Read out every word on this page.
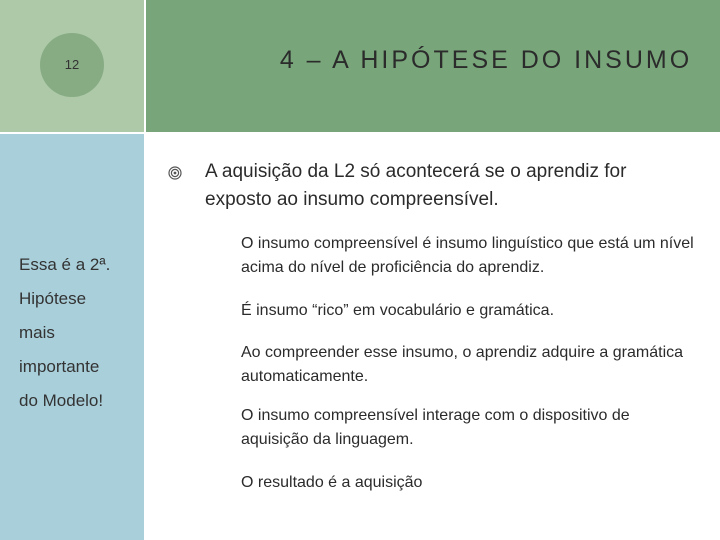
12	4 – A HIPÓTESE DO INSUMO
Essa é a 2ª.
Hipótese
mais
importante
do Modelo!
A aquisição da L2 só acontecerá se o aprendiz for exposto ao insumo compreensível.
O insumo compreensível é insumo linguístico que está um nível acima do nível de proficiência do aprendiz.
É insumo “rico” em vocabulário e gramática.
Ao compreender esse insumo, o aprendiz adquire a gramática automaticamente.
O insumo compreensível interage com o dispositivo de aquisição da linguagem.
O resultado é a aquisição
